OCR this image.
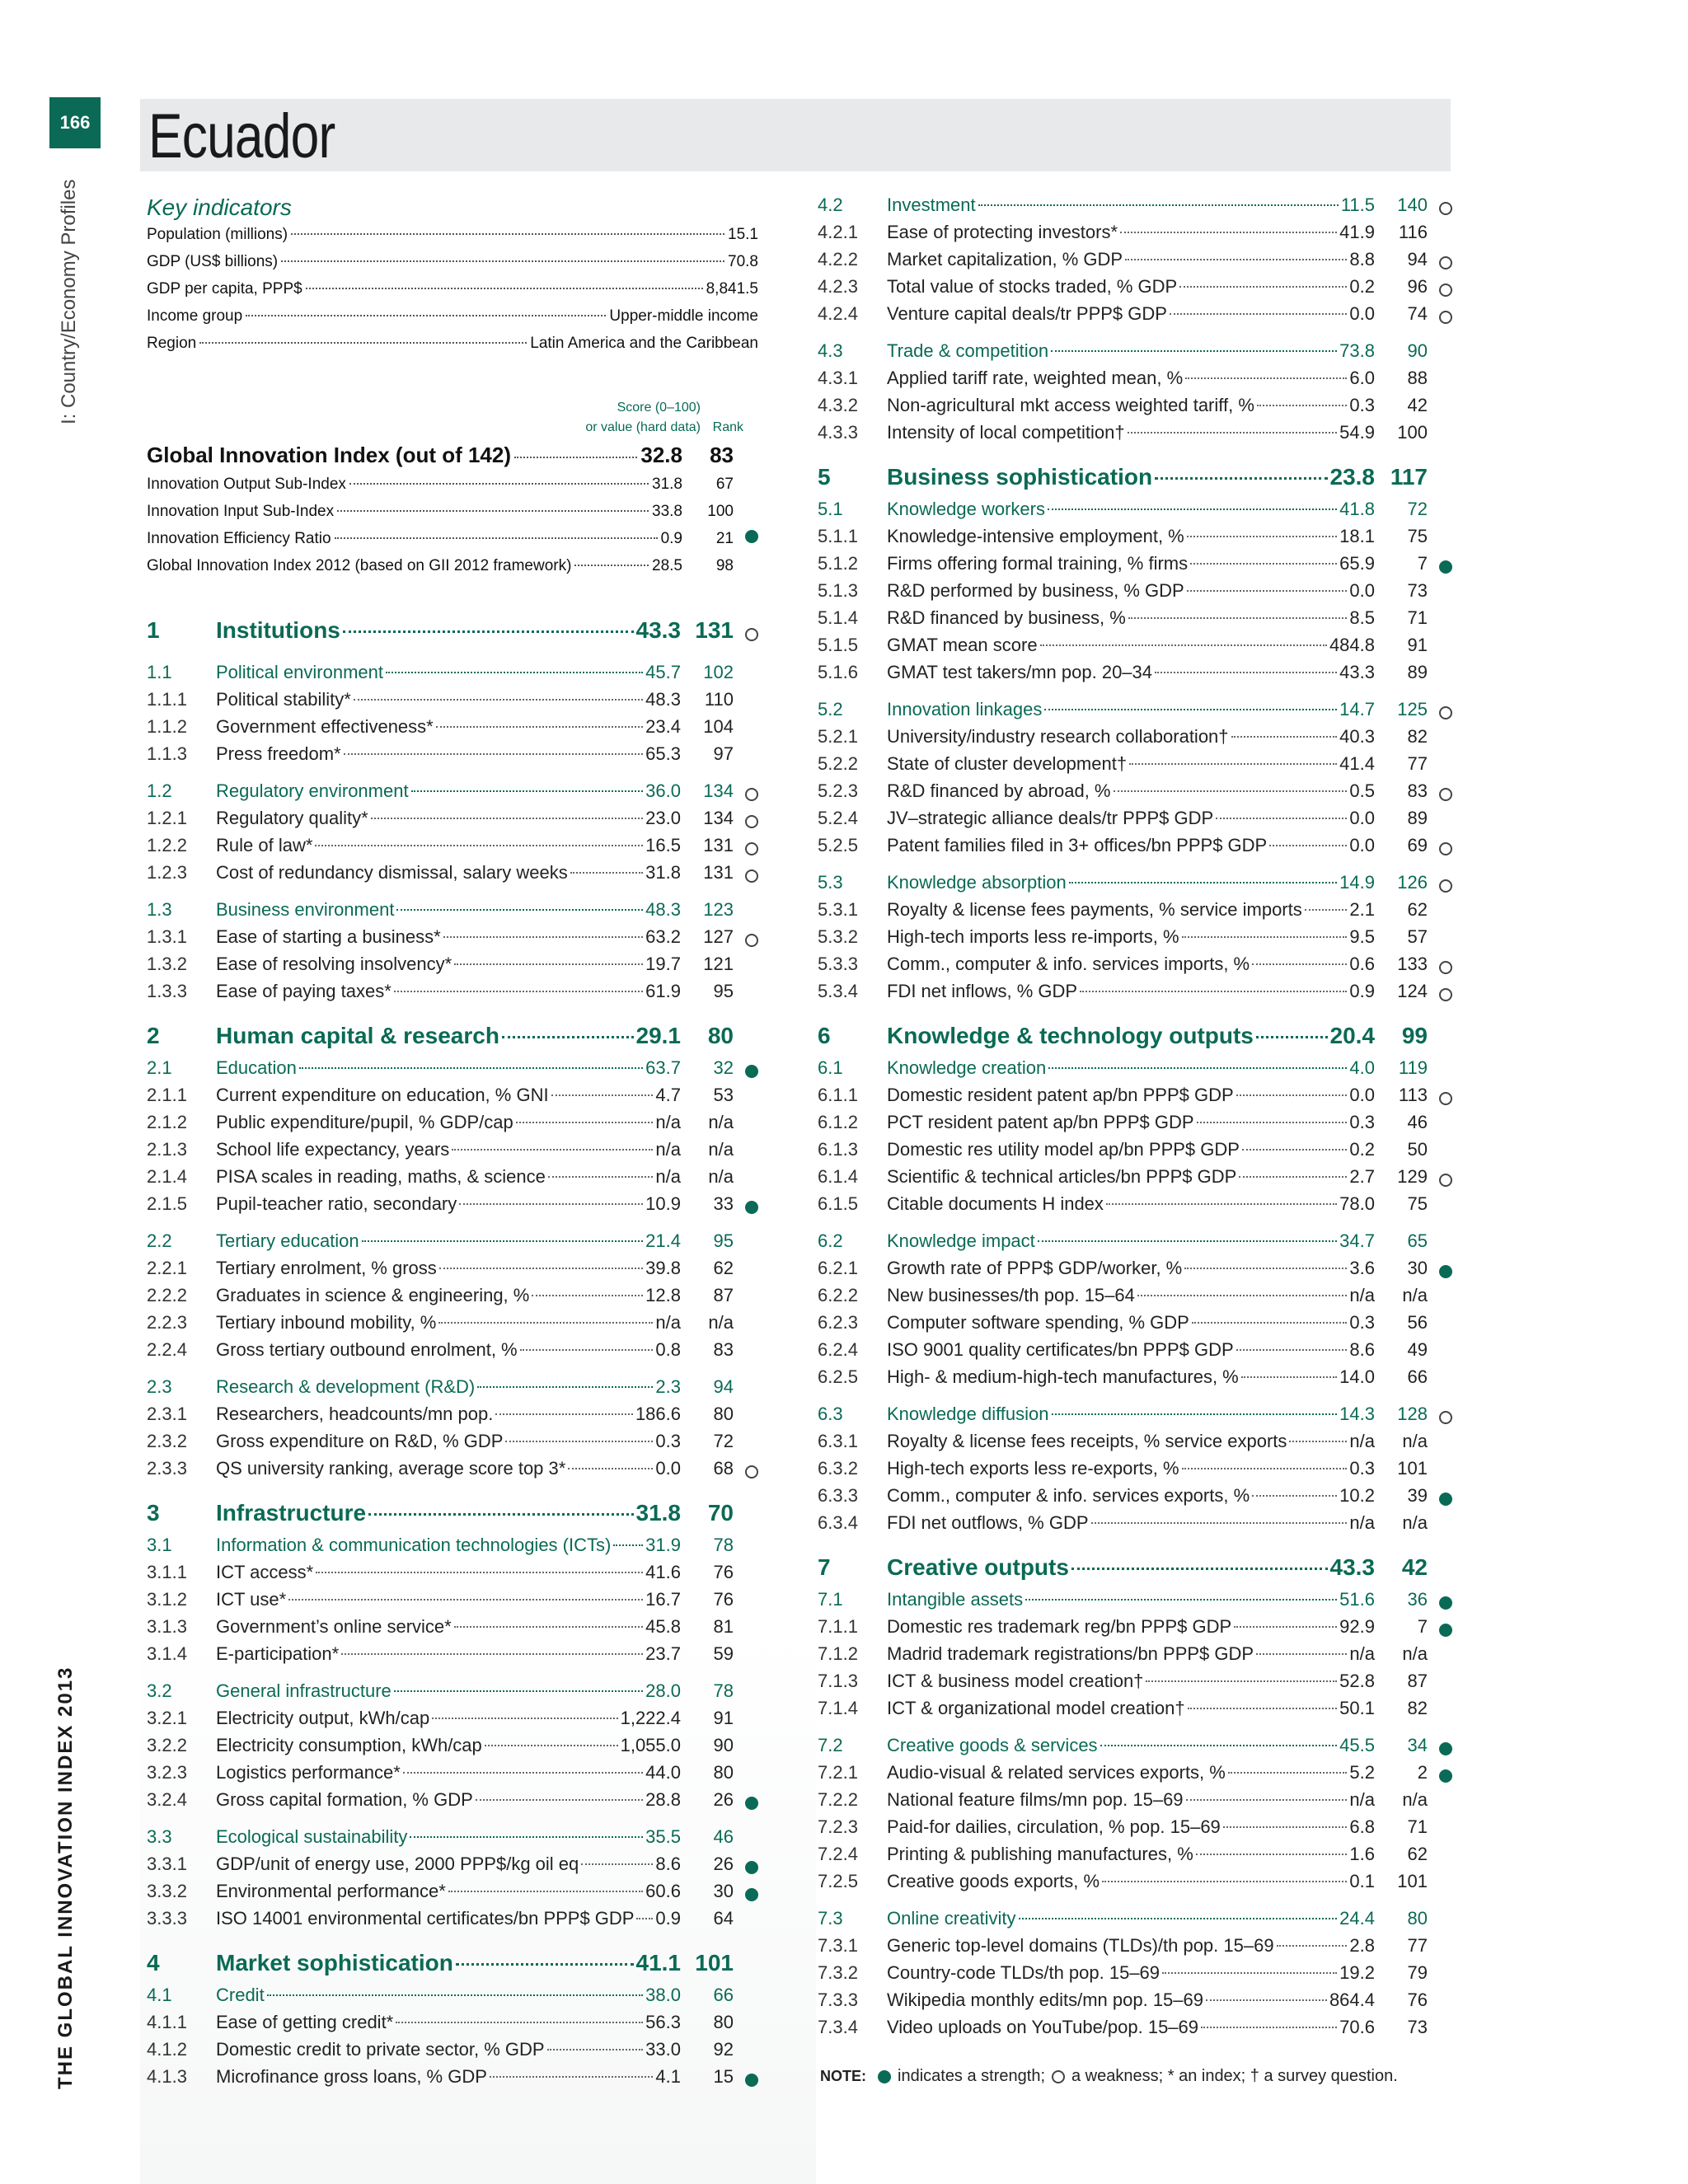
166 Ecuador
I: Country/Economy Profiles
THE GLOBAL INNOVATION INDEX 2013
Key indicators
Population (millions)	15.1
GDP (US$ billions)	70.8
GDP per capita, PPP$	8,841.5
Income group	Upper-middle income
Region	Latin America and the Caribbean
Score (0–100)
or value (hard data) Rank
Global Innovation Index (out of 142)	32.8	83
Innovation Output Sub-Index	31.8	67
Innovation Input Sub-Index	33.8	100
Innovation Efficiency Ratio	0.9	21
Global Innovation Index 2012 (based on GII 2012 framework)	28.5	98
1	Institutions	43.3 131
1.1	Political environment	45.7	102
1.1.1	Political stability*	48.3	110
1.1.2	Government effectiveness*	23.4	104
1.1.3	Press freedom*	65.3	97
1.2	Regulatory environment	36.0	134
1.2.1	Regulatory quality*	23.0	134
1.2.2	Rule of law*	16.5	131
1.2.3	Cost of redundancy dismissal, salary weeks	31.8	131
1.3	Business environment	48.3	123
1.3.1	Ease of starting a business*	63.2	127
1.3.2	Ease of resolving insolvency*	19.7	121
1.3.3	Ease of paying taxes*	61.9	95
2	Human capital & research	29.1	80
2.1	Education	63.7	32
2.1.1	Current expenditure on education, % GNI	4.7	53
2.1.2	Public expenditure/pupil, % GDP/cap	n/a	n/a
2.1.3	School life expectancy, years	n/a	n/a
2.1.4	PISA scales in reading, maths, & science	n/a	n/a
2.1.5	Pupil-teacher ratio, secondary	10.9	33
2.2	Tertiary education	21.4	95
2.2.1	Tertiary enrolment, % gross	39.8	62
2.2.2	Graduates in science & engineering, %	12.8	87
2.2.3	Tertiary inbound mobility, %	n/a	n/a
2.2.4	Gross tertiary outbound enrolment, %	0.8	83
2.3	Research & development (R&D)	2.3	94
2.3.1	Researchers, headcounts/mn pop.	186.6	80
2.3.2	Gross expenditure on R&D, % GDP	0.3	72
2.3.3	QS university ranking, average score top 3*	0.0	68
3	Infrastructure	31.8	70
3.1	Information & communication technologies (ICTs) 31.9	78
3.1.1	ICT access*	41.6	76
3.1.2	ICT use*	16.7	76
3.1.3	Government’s online service*	45.8	81
3.1.4	E-participation*	23.7	59
3.2	General infrastructure	28.0	78
3.2.1	Electricity output, kWh/cap	1,222.4	91
3.2.2	Electricity consumption, kWh/cap	1,055.0	90
3.2.3	Logistics performance*	44.0	80
3.2.4	Gross capital formation, % GDP	28.8	26
3.3	Ecological sustainability	35.5	46
3.3.1	GDP/unit of energy use, 2000 PPP$/kg oil eq	8.6	26
3.3.2	Environmental performance*	60.6	30
3.3.3	ISO 14001 environmental certificates/bn PPP$ GDP 0.9	64
4	Market sophistication	41.1 101
4.1	Credit	38.0	66
4.1.1	Ease of getting credit*	56.3	80
4.1.2	Domestic credit to private sector, % GDP	33.0	92
4.1.3	Microfinance gross loans, % GDP	4.1	15
4.2	Investment	11.5	140
4.2.1	Ease of protecting investors*	41.9	116
4.2.2	Market capitalization, % GDP	8.8	94
4.2.3	Total value of stocks traded, % GDP	0.2	96
4.2.4	Venture capital deals/tr PPP$ GDP	0.0	74
4.3	Trade & competition	73.8	90
4.3.1	Applied tariff rate, weighted mean, %	6.0	88
4.3.2	Non-agricultural mkt access weighted tariff, %	0.3	42
4.3.3	Intensity of local competition†	54.9	100
5	Business sophistication	23.8 117
5.1	Knowledge workers	41.8	72
5.1.1	Knowledge-intensive employment, %	18.1	75
5.1.2	Firms offering formal training, % firms	65.9	7
5.1.3	R&D performed by business, % GDP	0.0	73
5.1.4	R&D financed by business, %	8.5	71
5.1.5	GMAT mean score	484.8	91
5.1.6	GMAT test takers/mn pop. 20–34	43.3	89
5.2	Innovation linkages	14.7	125
5.2.1	University/industry research collaboration†	40.3	82
5.2.2	State of cluster development†	41.4	77
5.2.3	R&D financed by abroad, %	0.5	83
5.2.4	JV–strategic alliance deals/tr PPP$ GDP	0.0	89
5.2.5	Patent families filed in 3+ offices/bn PPP$ GDP	0.0	69
5.3	Knowledge absorption	14.9	126
5.3.1	Royalty & license fees payments, % service imports	2.1	62
5.3.2	High-tech imports less re-imports, %	9.5	57
5.3.3	Comm., computer & info. services imports, %	0.6	133
5.3.4	FDI net inflows, % GDP	0.9	124
6	Knowledge & technology outputs	20.4	99
6.1	Knowledge creation	4.0	119
6.1.1	Domestic resident patent ap/bn PPP$ GDP	0.0	113
6.1.2	PCT resident patent ap/bn PPP$ GDP	0.3	46
6.1.3	Domestic res utility model ap/bn PPP$ GDP	0.2	50
6.1.4	Scientific & technical articles/bn PPP$ GDP	2.7	129
6.1.5	Citable documents H index	78.0	75
6.2	Knowledge impact	34.7	65
6.2.1	Growth rate of PPP$ GDP/worker, %	3.6	30
6.2.2	New businesses/th pop. 15–64	n/a	n/a
6.2.3	Computer software spending, % GDP	0.3	56
6.2.4	ISO 9001 quality certificates/bn PPP$ GDP	8.6	49
6.2.5	High- & medium-high-tech manufactures, %	14.0	66
6.3	Knowledge diffusion	14.3	128
6.3.1	Royalty & license fees receipts, % service exports	n/a	n/a
6.3.2	High-tech exports less re-exports, %	0.3	101
6.3.3	Comm., computer & info. services exports, %	10.2	39
6.3.4	FDI net outflows, % GDP	n/a	n/a
7	Creative outputs	43.3	42
7.1	Intangible assets	51.6	36
7.1.1	Domestic res trademark reg/bn PPP$ GDP	92.9	7
7.1.2	Madrid trademark registrations/bn PPP$ GDP	n/a	n/a
7.1.3	ICT & business model creation†	52.8	87
7.1.4	ICT & organizational model creation†	50.1	82
7.2	Creative goods & services	45.5	34
7.2.1	Audio-visual & related services exports, %	5.2	2
7.2.2	National feature films/mn pop. 15–69	n/a	n/a
7.2.3	Paid-for dailies, circulation, % pop. 15–69	6.8	71
7.2.4	Printing & publishing manufactures, %	1.6	62
7.2.5	Creative goods exports, %	0.1	101
7.3	Online creativity	24.4	80
7.3.1	Generic top-level domains (TLDs)/th pop. 15–69	2.8	77
7.3.2	Country-code TLDs/th pop. 15–69	19.2	79
7.3.3	Wikipedia monthly edits/mn pop. 15–69	864.4	76
7.3.4	Video uploads on YouTube/pop. 15–69	70.6	73
NOTE: indicates a strength; a weakness; * an index; † a survey question.
